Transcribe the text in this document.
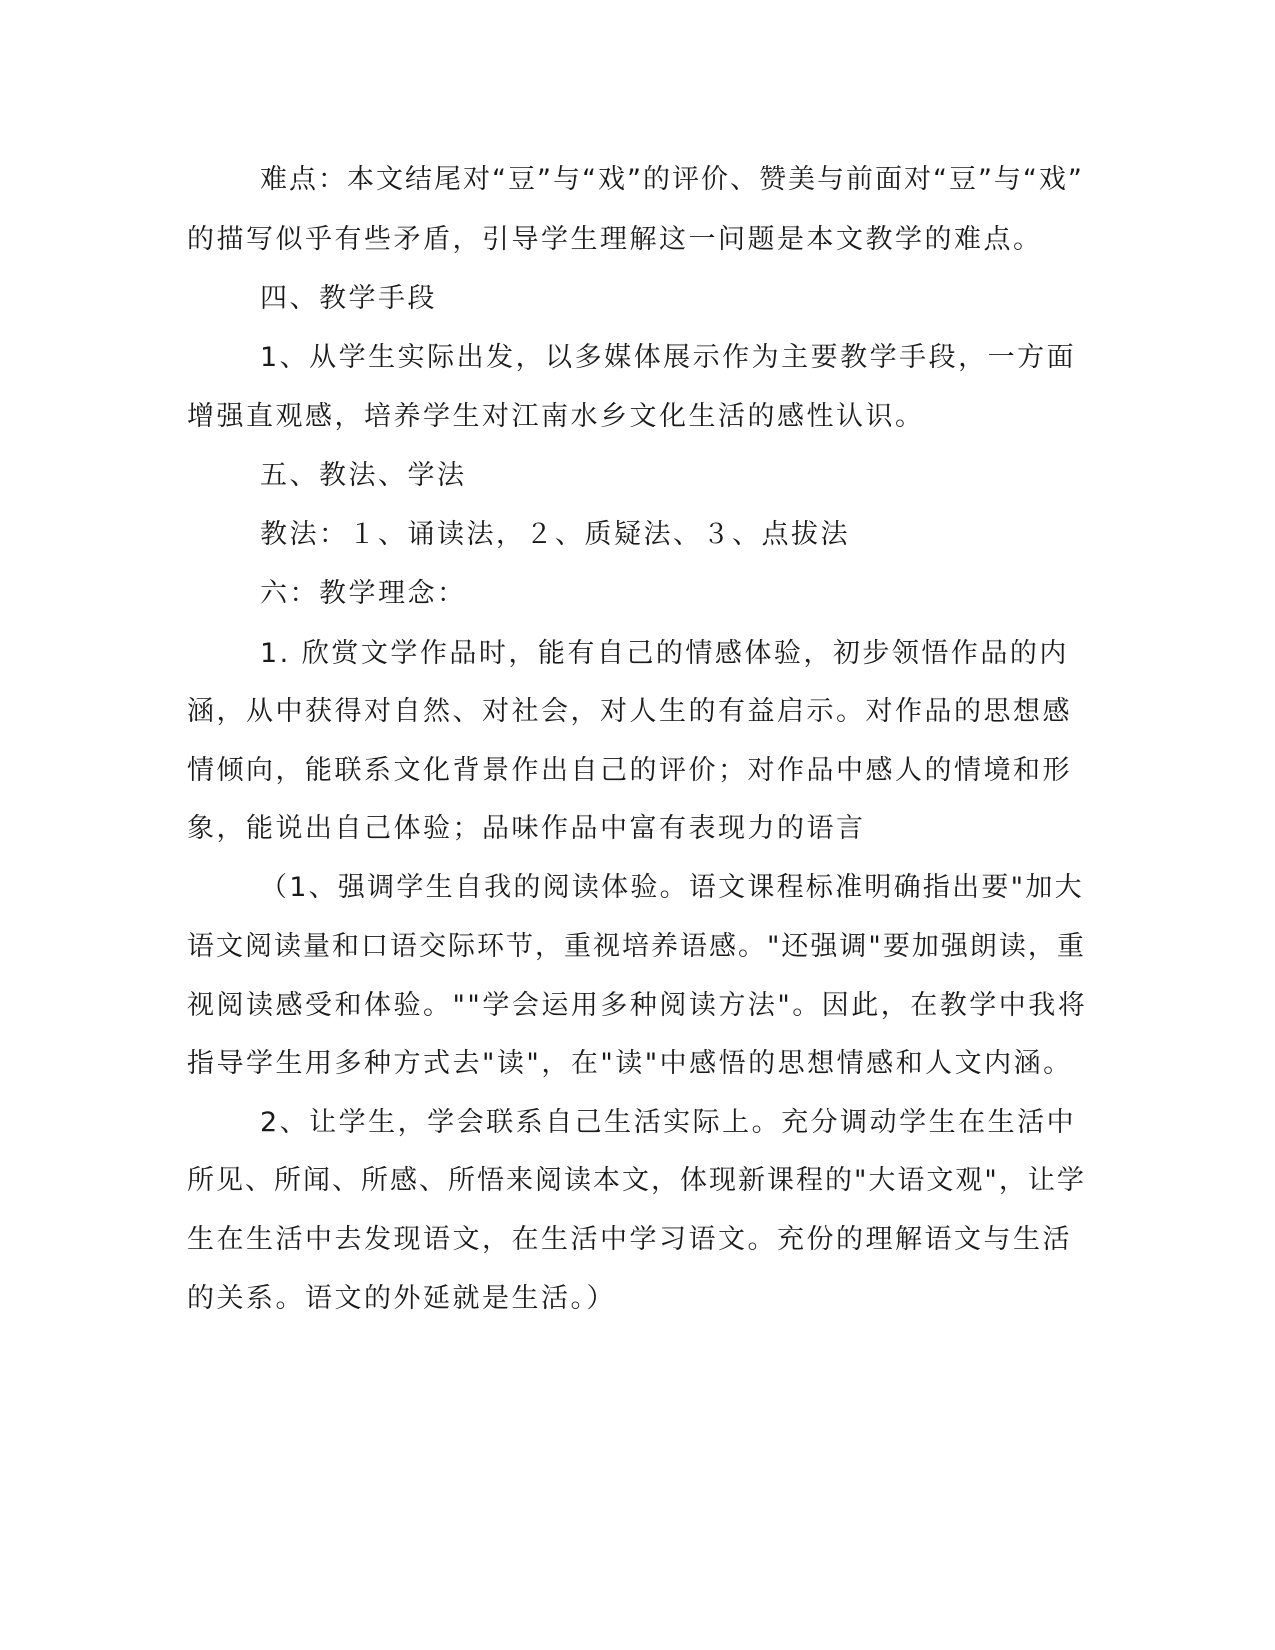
难点：本文结尾对“豆”与“戏”的评价、赞美与前面对“豆”与“戏”

的描写似乎有些矛盾，引导学生理解这一问题是本文教学的难点。

四、教学手段

1、从学生实际出发，以多媒体展示作为主要教学手段，一方面

增强直观感，培养学生对江南水乡文化生活的感性认识。

五、教法、学法

教法：１、诵读法，２、质疑法、３、点拔法

六：教学理念：

1. 欣赏文学作品时，能有自己的情感体验，初步领悟作品的内

涵，从中获得对自然、对社会，对人生的有益启示。对作品的思想感

情倾向，能联系文化背景作出自己的评价；对作品中感人的情境和形

象，能说出自己体验；品味作品中富有表现力的语言

（1、强调学生自我的阅读体验。语文课程标准明确指出要"加大

语文阅读量和口语交际环节，重视培养语感。"还强调"要加强朗读，重

视阅读感受和体验。""学会运用多种阅读方法"。因此，在教学中我将

指导学生用多种方式去"读"，在"读"中感悟的思想情感和人文内涵。

2、让学生，学会联系自己生活实际上。充分调动学生在生活中

所见、所闻、所感、所悟来阅读本文，体现新课程的"大语文观"，让学

生在生活中去发现语文，在生活中学习语文。充份的理解语文与生活

的关系。语文的外延就是生活。）
